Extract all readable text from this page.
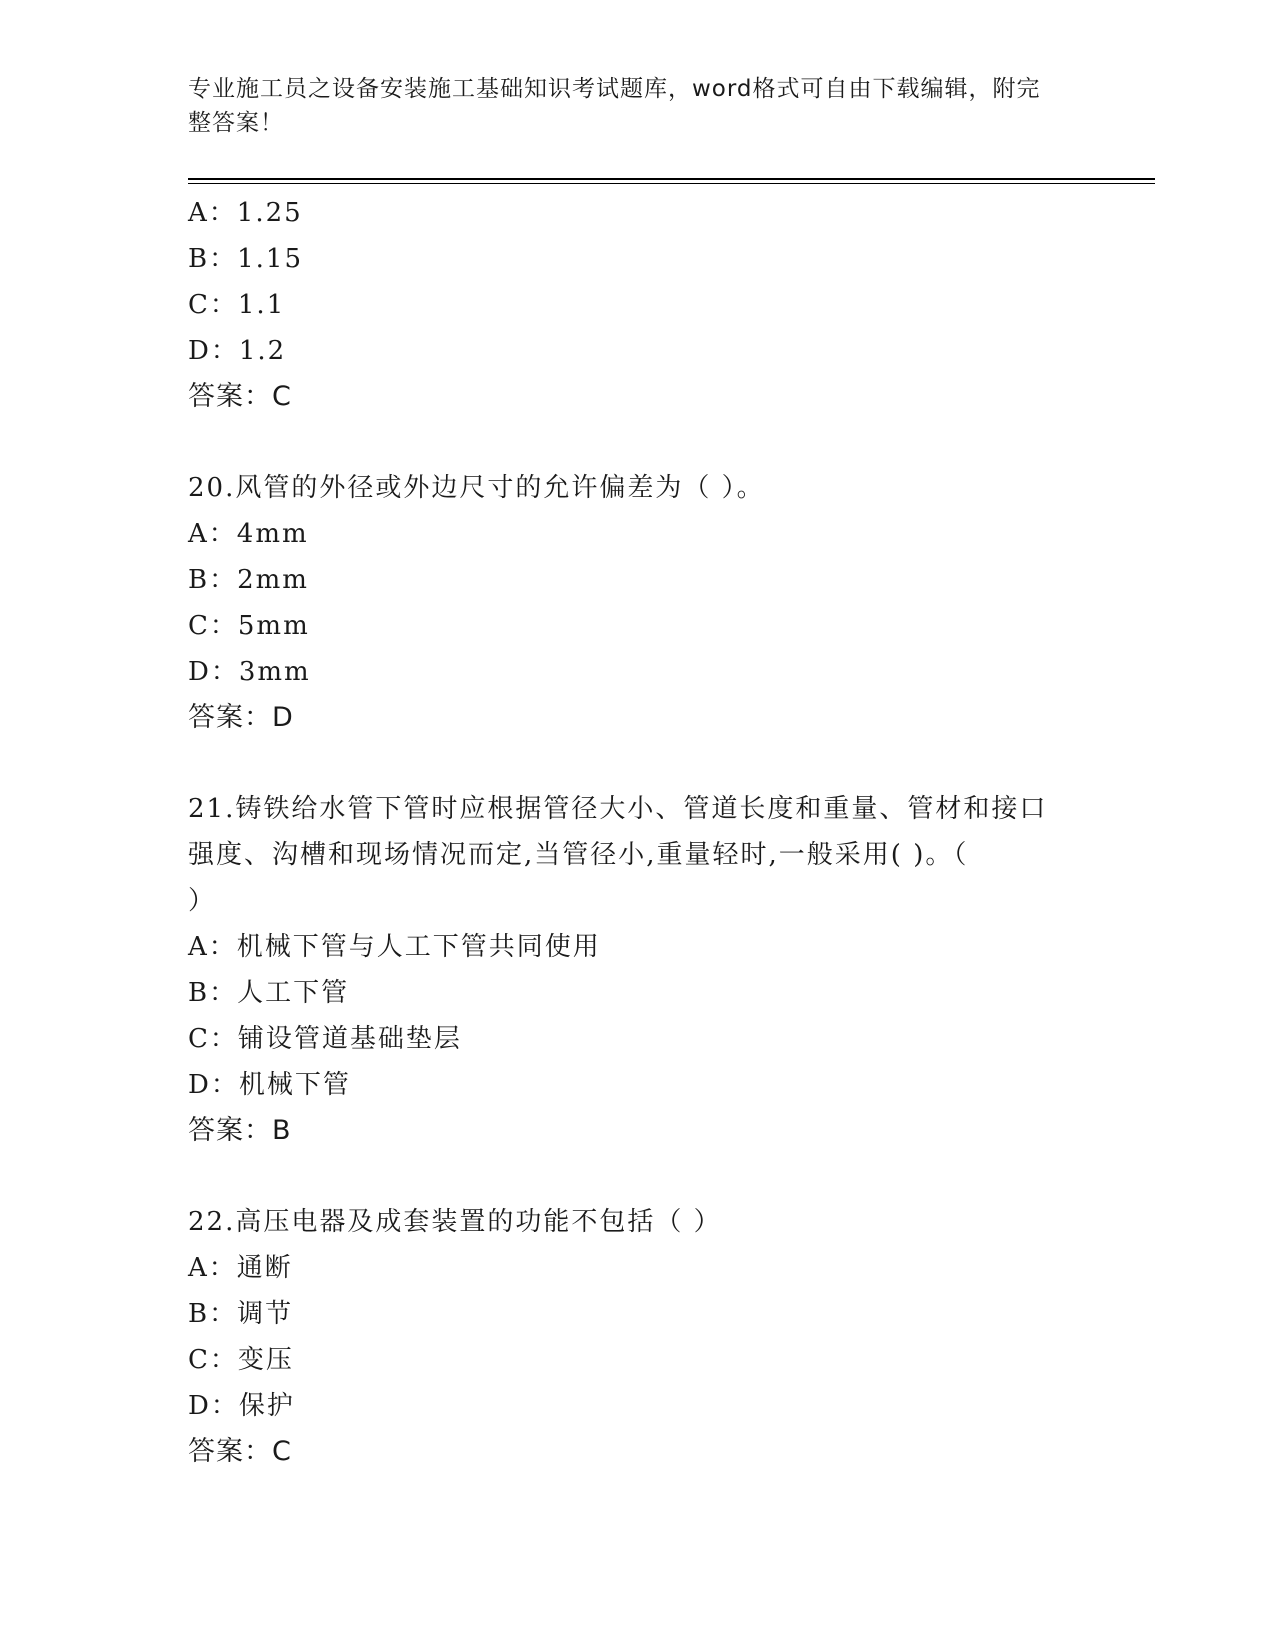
专业施工员之设备安装施工基础知识考试题库，word格式可自由下载编辑，附完
整答案！
A：1.25
B：1.15
C：1.1
D：1.2
答案：C
20.风管的外径或外边尺寸的允许偏差为（ ）。
A：4mm
B：2mm
C：5mm
D：3mm
答案：D
21.铸铁给水管下管时应根据管径大小、管道长度和重量、管材和接口
强度、沟槽和现场情况而定,当管径小,重量轻时,一般采用( )。（
）
A：机械下管与人工下管共同使用
B：人工下管
C：铺设管道基础垫层
D：机械下管
答案：B
22.高压电器及成套装置的功能不包括（ ）
A：通断
B：调节
C：变压
D：保护
答案：C
